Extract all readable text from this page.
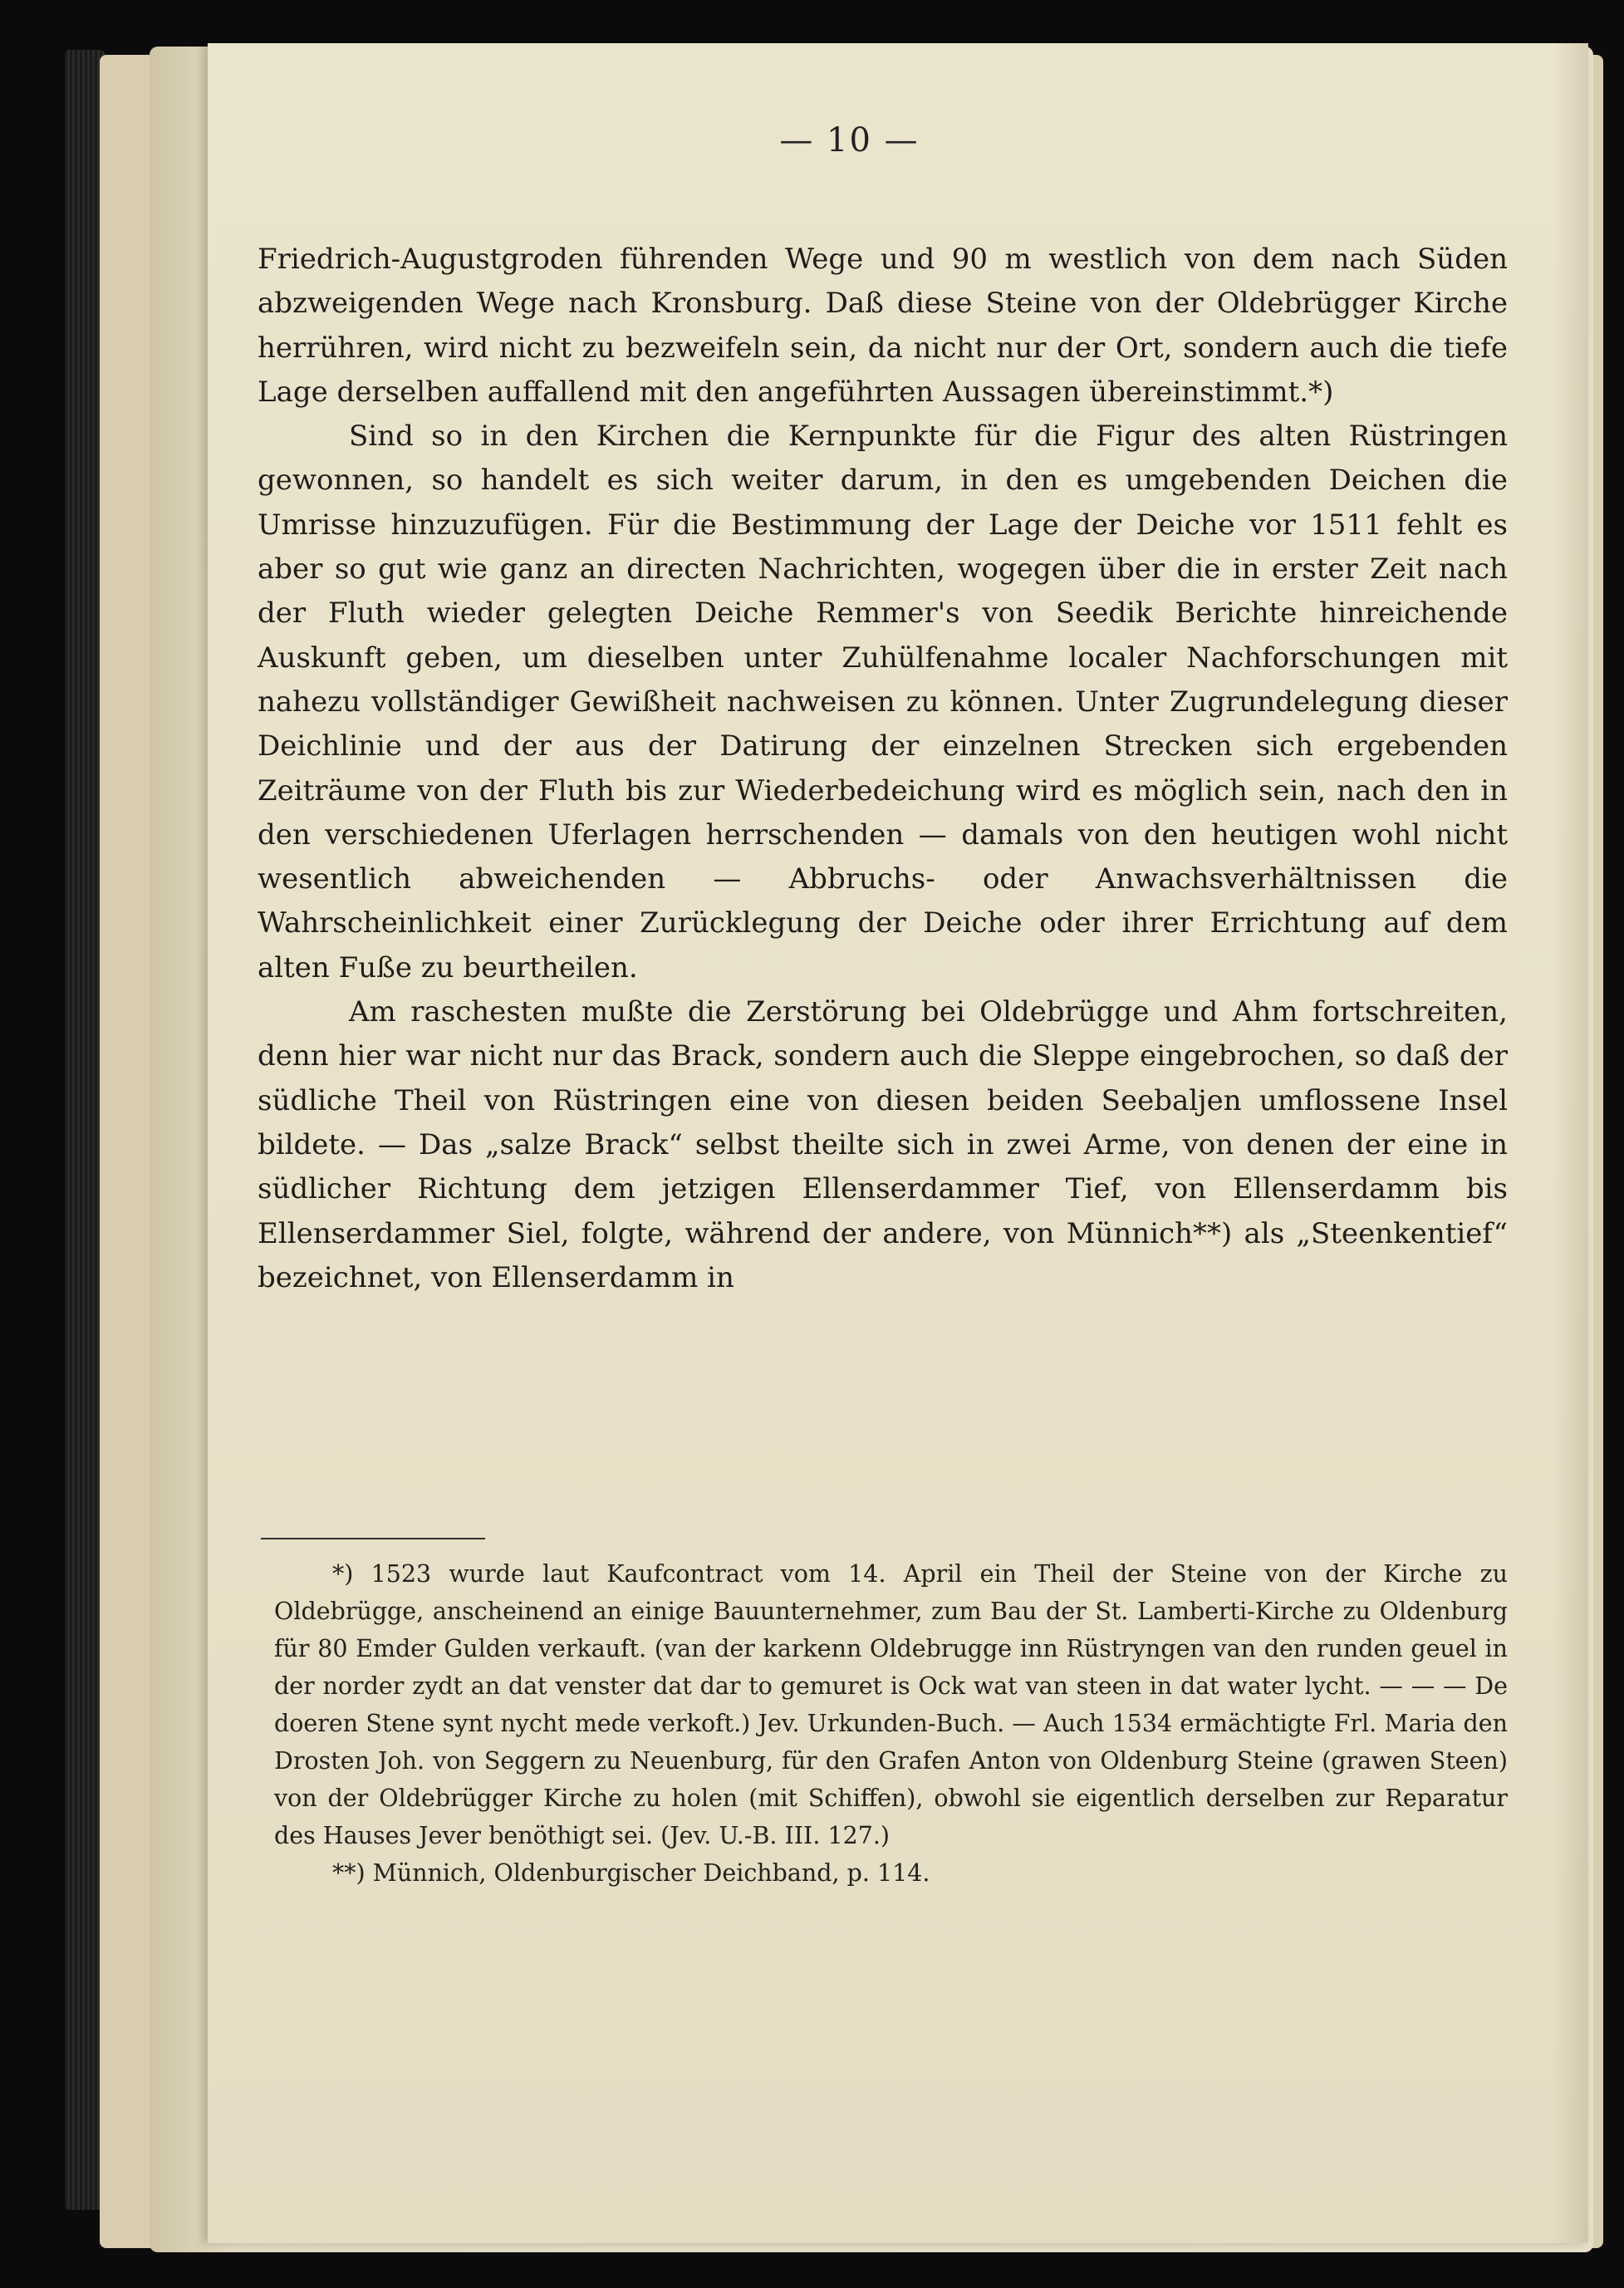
— 10 —

Friedrich-Augustgroden führenden Wege und 90 m westlich von dem nach Süden abzweigenden Wege nach Kronsburg. Daß diese Steine von der Oldebrügger Kirche herrühren, wird nicht zu bezweifeln sein, da nicht nur der Ort, sondern auch die tiefe Lage derselben auffallend mit den angeführten Aussagen übereinstimmt.*)

Sind so in den Kirchen die Kernpunkte für die Figur des alten Rüstringen gewonnen, so handelt es sich weiter darum, in den es umgebenden Deichen die Umrisse hinzuzufügen. Für die Bestimmung der Lage der Deiche vor 1511 fehlt es aber so gut wie ganz an directen Nachrichten, wogegen über die in erster Zeit nach der Fluth wieder gelegten Deiche Remmer's von Seedik Berichte hinreichende Auskunft geben, um dieselben unter Zuhülfenahme localer Nachforschungen mit nahezu vollständiger Gewißheit nachweisen zu können. Unter Zugrundelegung dieser Deichlinie und der aus der Datirung der einzelnen Strecken sich ergebenden Zeiträume von der Fluth bis zur Wiederbedeichung wird es möglich sein, nach den in den verschiedenen Uferlagen herrschenden — damals von den heutigen wohl nicht wesentlich abweichenden — Abbruchs- oder Anwachsverhältnissen die Wahrscheinlichkeit einer Zurücklegung der Deiche oder ihrer Errichtung auf dem alten Fuße zu beurtheilen.

Am raschesten mußte die Zerstörung bei Oldebrügge und Ahm fortschreiten, denn hier war nicht nur das Brack, sondern auch die Sleppe eingebrochen, so daß der südliche Theil von Rüstringen eine von diesen beiden Seebaljen umflossene Insel bildete. — Das „salze Brack“ selbst theilte sich in zwei Arme, von denen der eine in südlicher Richtung dem jetzigen Ellenserdammer Tief, von Ellenserdamm bis Ellenserdammer Siel, folgte, während der andere, von Münnich**) als „Steenkentief“ bezeichnet, von Ellenserdamm in

*) 1523 wurde laut Kaufcontract vom 14. April ein Theil der Steine von der Kirche zu Oldebrügge, anscheinend an einige Bauunternehmer, zum Bau der St. Lamberti-Kirche zu Oldenburg für 80 Emder Gulden verkauft. (van der karkenn Oldebrugge inn Rüstryngen van den runden geuel in der norder zydt an dat venster dat dar to gemuret is Ock wat van steen in dat water lycht. — — — De doeren Stene synt nycht mede verkoft.) Jev. Urkunden-Buch. — Auch 1534 ermächtigte Frl. Maria den Drosten Joh. von Seggern zu Neuenburg, für den Grafen Anton von Oldenburg Steine (grawen Steen) von der Oldebrügger Kirche zu holen (mit Schiffen), obwohl sie eigentlich derselben zur Reparatur des Hauses Jever benöthigt sei. (Jev. U.-B. III. 127.)

**) Münnich, Oldenburgischer Deichband, p. 114.
